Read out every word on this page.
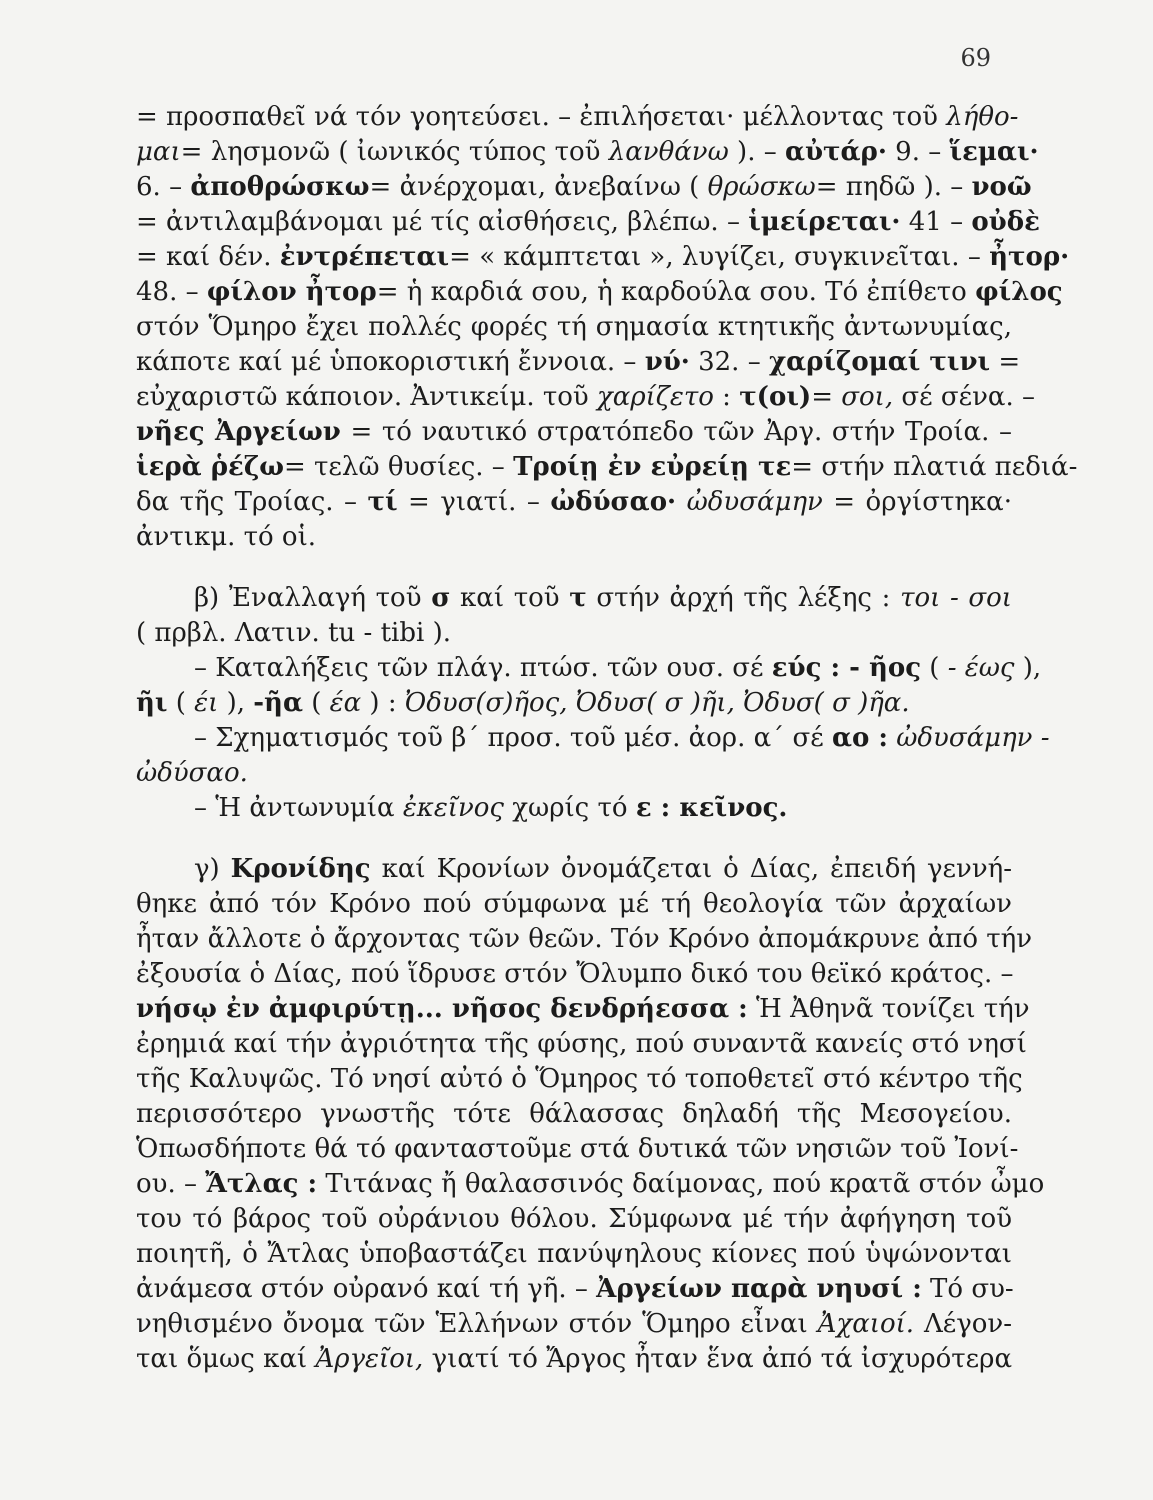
69
= προσπαθεῖ νά τόν γοητεύσει. – ἐπιλήσεται· μέλλοντας τοῦ λήθο-
μαι= λησμονῶ ( ἰωνικός τύπος τοῦ λανθάνω ). – αὐτάρ· 9. – ἵεμαι·
6. – ἀποθρώσκω= ἀνέρχομαι, ἀνεβαίνω ( θρώσκω= πηδῶ ). – νοῶ
= ἀντιλαμβάνομαι μέ τίς αἰσθήσεις, βλέπω. – ἱμείρεται· 41 – οὐδὲ
= καί δέν. ἐντρέπεται= « κάμπτεται », λυγίζει, συγκινεῖται. – ἦτορ·
48. – φίλον ἦτορ= ἡ καρδιά σου, ἡ καρδούλα σου. Τό ἐπίθετο φίλος
στόν Ὅμηρο ἔχει πολλές φορές τή σημασία κτητικῆς ἀντωνυμίας,
κάποτε καί μέ ὑποκοριστική ἔννοια. – νύ· 32. – χαρίζομαί τινι =
εὐχαριστῶ κάποιον. Ἀντικείμ. τοῦ χαρίζετο : τ(οι)= σοι, σέ σένα. –
νῆες Ἀργείων = τό ναυτικό στρατόπεδο τῶν Ἀργ. στήν Τροία. –
ἱερὰ ῥέζω= τελῶ θυσίες. – Τροίῃ ἐν εὐρείῃ τε= στήν πλατιά πεδιά-
δα τῆς Τροίας. – τί = γιατί. – ὠδύσαο· ὠδυσάμην = ὀργίστηκα·
ἀντικμ. τό οἱ.
β) Ἐναλλαγή τοῦ σ καί τοῦ τ στήν ἀρχή τῆς λέξης : τοι - σοι
( πρβλ. Λατιν. tu - tibi ).
– Καταλήξεις τῶν πλάγ. πτώσ. τῶν ουσ. σέ εύς : - ῆος ( - έως ),
ῆι ( έι ), -ῆα ( έα ) : Ὀδυσ(σ)ῆος, Ὀδυσ( σ )ῆι, Ὀδυσ( σ )ῆα.
– Σχηματισμός τοῦ β΄ προσ. τοῦ μέσ. ἀορ. α΄ σέ αο : ὠδυσάμην -
ὠδύσαο.
– Ἡ ἀντωνυμία ἐκεῖνος χωρίς τό ε : κεῖνος.
γ) Κρονίδης καί Κρονίων ὀνομάζεται ὁ Δίας, ἐπειδή γεννή-
θηκε ἀπό τόν Κρόνο πού σύμφωνα μέ τή θεολογία τῶν ἀρχαίων
ἦταν ἄλλοτε ὁ ἄρχοντας τῶν θεῶν. Τόν Κρόνο ἀπομάκρυνε ἀπό τήν
ἐξουσία ὁ Δίας, πού ἵδρυσε στόν Ὄλυμπο δικό του θεϊκό κράτος. –
νήσῳ ἐν ἀμφιρύτῃ... νῆσος δενδρήεσσα : Ἡ Ἀθηνᾶ τονίζει τήν
ἐρημιά καί τήν ἀγριότητα τῆς φύσης, πού συναντᾶ κανείς στό νησί
τῆς Καλυψῶς. Τό νησί αὐτό ὁ Ὅμηρος τό τοποθετεῖ στό κέντρο τῆς
περισσότερο γνωστῆς τότε θάλασσας δηλαδή τῆς Μεσογείου.
Ὁπωσδήποτε θά τό φανταστοῦμε στά δυτικά τῶν νησιῶν τοῦ Ἰονί-
ου. – Ἄτλας : Τιτάνας ἤ θαλασσινός δαίμονας, πού κρατᾶ στόν ὦμο
του τό βάρος τοῦ οὐράνιου θόλου. Σύμφωνα μέ τήν ἀφήγηση τοῦ
ποιητῆ, ὁ Ἄτλας ὑποβαστάζει πανύψηλους κίονες πού ὑψώνονται
ἀνάμεσα στόν οὐρανό καί τή γῆ. – Ἀργείων παρὰ νηυσί : Τό συ-
νηθισμένο ὄνομα τῶν Ἑλλήνων στόν Ὅμηρο εἶναι Ἀχαιοί. Λέγον-
ται ὅμως καί Ἀργεῖοι, γιατί τό Ἄργος ἦταν ἕνα ἀπό τά ἰσχυρότερα
